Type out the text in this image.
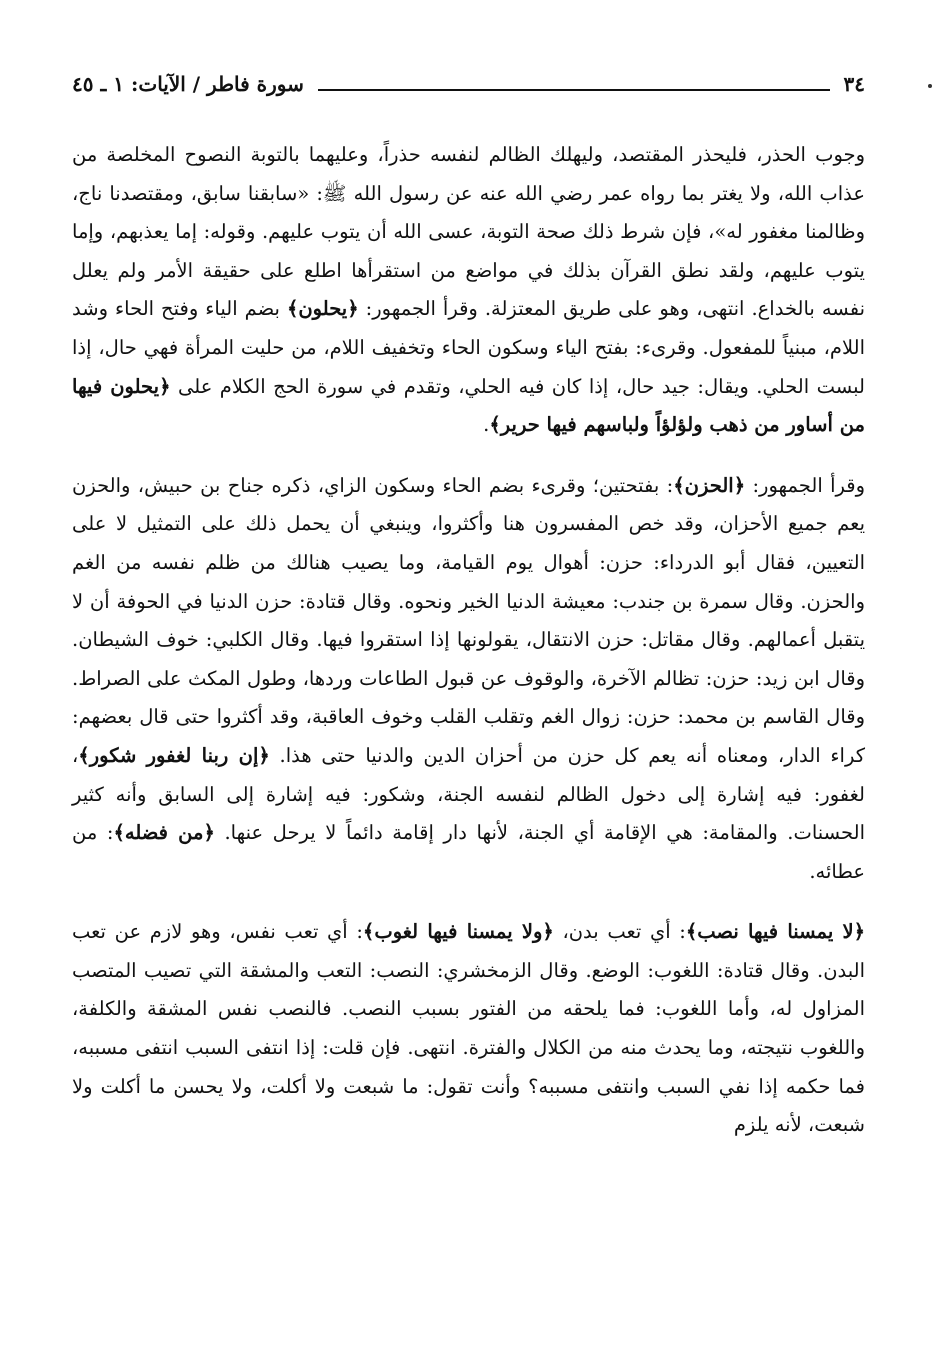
٣٤
سورة فاطر / الآيات: ١ ـ ٤٥

وجوب الحذر، فليحذر المقتصد، وليهلك الظالم لنفسه حذراً، وعليهما بالتوبة النصوح المخلصة من عذاب الله، ولا يغتر بما رواه عمر رضي الله عنه عن رسول الله ﷺ: «سابقنا سابق، ومقتصدنا ناج، وظالمنا مغفور له»، فإن شرط ذلك صحة التوبة، عسى الله أن يتوب عليهم. وقوله: إما يعذبهم، وإما يتوب عليهم، ولقد نطق القرآن بذلك في مواضع من استقرأها اطلع على حقيقة الأمر ولم يعلل نفسه بالخداع. انتهى، وهو على طريق المعتزلة. وقرأ الجمهور: ﴿يحلون﴾ بضم الياء وفتح الحاء وشد اللام، مبنياً للمفعول. وقرىء: بفتح الياء وسكون الحاء وتخفيف اللام، من حليت المرأة فهي حال، إذا لبست الحلي. ويقال: جيد حال، إذا كان فيه الحلي، وتقدم في سورة الحج الكلام على ﴿يحلون فيها من أساور من ذهب ولؤلؤاً ولباسهم فيها حرير﴾.

وقرأ الجمهور: ﴿الحزن﴾: بفتحتين؛ وقرىء بضم الحاء وسكون الزاي، ذكره جناح بن حبيش، والحزن يعم جميع الأحزان، وقد خص المفسرون هنا وأكثروا، وينبغي أن يحمل ذلك على التمثيل لا على التعيين، فقال أبو الدرداء: حزن: أهوال يوم القيامة، وما يصيب هنالك من ظلم نفسه من الغم والحزن. وقال سمرة بن جندب: معيشة الدنيا الخير ونحوه. وقال قتادة: حزن الدنيا في الحوفة أن لا يتقبل أعمالهم. وقال مقاتل: حزن الانتقال، يقولونها إذا استقروا فيها. وقال الكلبي: خوف الشيطان. وقال ابن زيد: حزن: تظالم الآخرة، والوقوف عن قبول الطاعات وردها، وطول المكث على الصراط. وقال القاسم بن محمد: حزن: زوال الغم وتقلب القلب وخوف العاقبة، وقد أكثروا حتى قال بعضهم: كراء الدار، ومعناه أنه يعم كل حزن من أحزان الدين والدنيا حتى هذا. ﴿إن ربنا لغفور شكور﴾، لغفور: فيه إشارة إلى دخول الظالم لنفسه الجنة، وشكور: فيه إشارة إلى السابق وأنه كثير الحسنات. والمقامة: هي الإقامة أي الجنة، لأنها دار إقامة دائماً لا يرحل عنها. ﴿من فضله﴾: من عطائه.

﴿لا يمسنا فيها نصب﴾: أي تعب بدن، ﴿ولا يمسنا فيها لغوب﴾: أي تعب نفس، وهو لازم عن تعب البدن. وقال قتادة: اللغوب: الوضع. وقال الزمخشري: النصب: التعب والمشقة التي تصيب المتصب المزاول له، وأما اللغوب: فما يلحقه من الفتور بسبب النصب. فالنصب نفس المشقة والكلفة، واللغوب نتيجته، وما يحدث منه من الكلال والفترة. انتهى. فإن قلت: إذا انتفى السبب انتفى مسببه، فما حكمه إذا نفي السبب وانتفى مسببه؟ وأنت تقول: ما شبعت ولا أكلت، ولا يحسن ما أكلت ولا شبعت، لأنه يلزم
